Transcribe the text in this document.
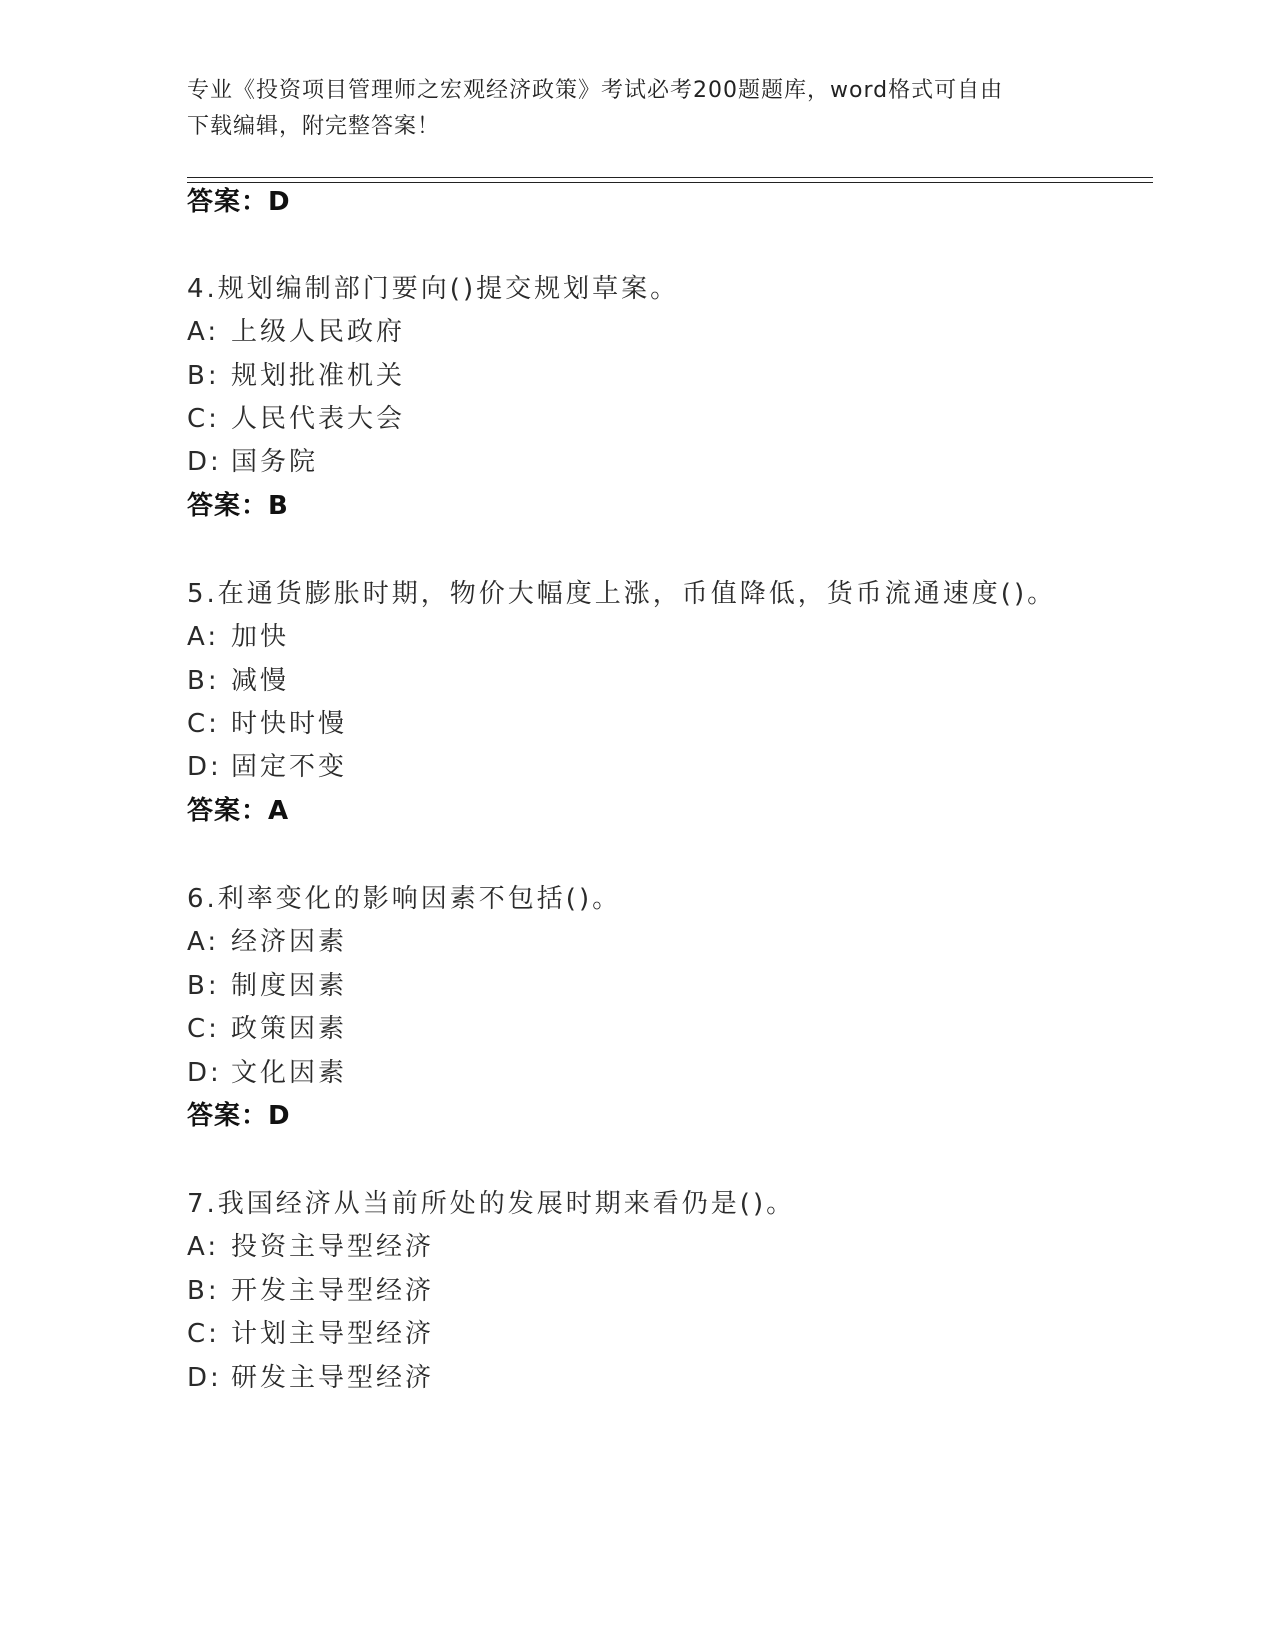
专业《投资项目管理师之宏观经济政策》考试必考200题题库，word格式可自由
下载编辑，附完整答案！
答案：D
4.规划编制部门要向()提交规划草案。
A: 上级人民政府
B: 规划批准机关
C: 人民代表大会
D: 国务院
答案：B
5.在通货膨胀时期，物价大幅度上涨，币值降低，货币流通速度()。
A: 加快
B: 减慢
C: 时快时慢
D: 固定不变
答案：A
6.利率变化的影响因素不包括()。
A: 经济因素
B: 制度因素
C: 政策因素
D: 文化因素
答案：D
7.我国经济从当前所处的发展时期来看仍是()。
A: 投资主导型经济
B: 开发主导型经济
C: 计划主导型经济
D: 研发主导型经济
